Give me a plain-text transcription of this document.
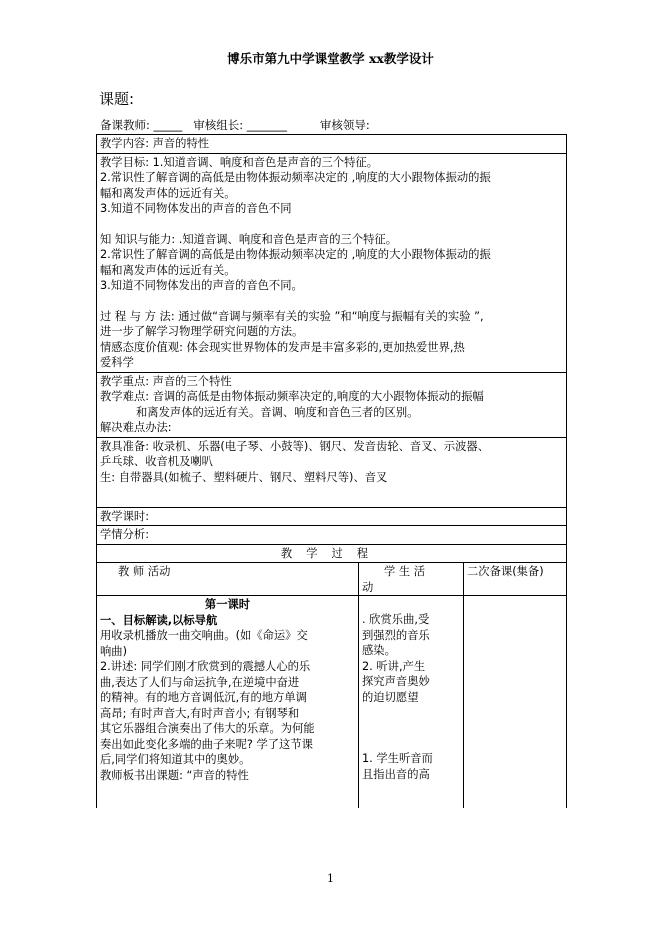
博乐市第九中学课堂教学 xx教学设计
课题:
备课教师: _____   审核组长: _______         审核领导:

教学内容: 声音的特性

教学目标: 1.知道音调、响度和音色是声音的三个特征。

2.常识性了解音调的高低是由物体振动频率决定的 ,响度的大小跟物体振动的振

幅和离发声体的远近有关。

3.知道不同物体发出的声音的音色不同

知 知识与能力: .知道音调、响度和音色是声音的三个特征。

2.常识性了解音调的高低是由物体振动频率决定的 ,响度的大小跟物体振动的振

幅和离发声体的远近有关。

3.知道不同物体发出的声音的音色不同。

过 程 与 方 法: 通过做“音调与频率有关的实验 ”和“响度与振幅有关的实验 ”,

进一步了解学习物理学研究问题的方法。

情感态度价值观: 体会现实世界物体的发声是丰富多彩的,更加热爱世界,热

爱科学

教学重点: 声音的三个特性

教学难点: 音调的高低是由物体振动频率决定的,响度的大小跟物体振动的振幅

和离发声体的远近有关。音调、响度和音色三者的区别。

解决难点办法:

教具准备: 收录机、乐器(电子琴、小鼓等)、钢尺、发音齿轮、音叉、示波器、

乒乓球、收音机及喇叭

生: 自带器具(如梳子、塑料硬片、钢尺、塑料尺等)、音叉

教学课时:

学情分析:

教学过程

教 师 活动	学 生 活

动

二次备课(集备)

第一课时

一、目标解读,以标导航

用收录机播放一曲交响曲。(如《命运》交

响曲)

2.讲述: 同学们刚才欣赏到的震撼人心的乐

曲,表达了人们与命运抗争,在逆境中奋进

的精神。有的地方音调低沉,有的地方单调

高昂; 有时声音大,有时声音小; 有钢琴和

其它乐器组合演奏出了伟大的乐章。为何能

奏出如此变化多端的曲子来呢? 学了这节课

后,同学们将知道其中的奥妙。

教师板书出课题: “声音的特性

. 欣赏乐曲,受

到强烈的音乐

感染。

2. 听讲,产生

探究声音奥妙

的迫切愿望

1. 学生听音而

且指出音的高

1
